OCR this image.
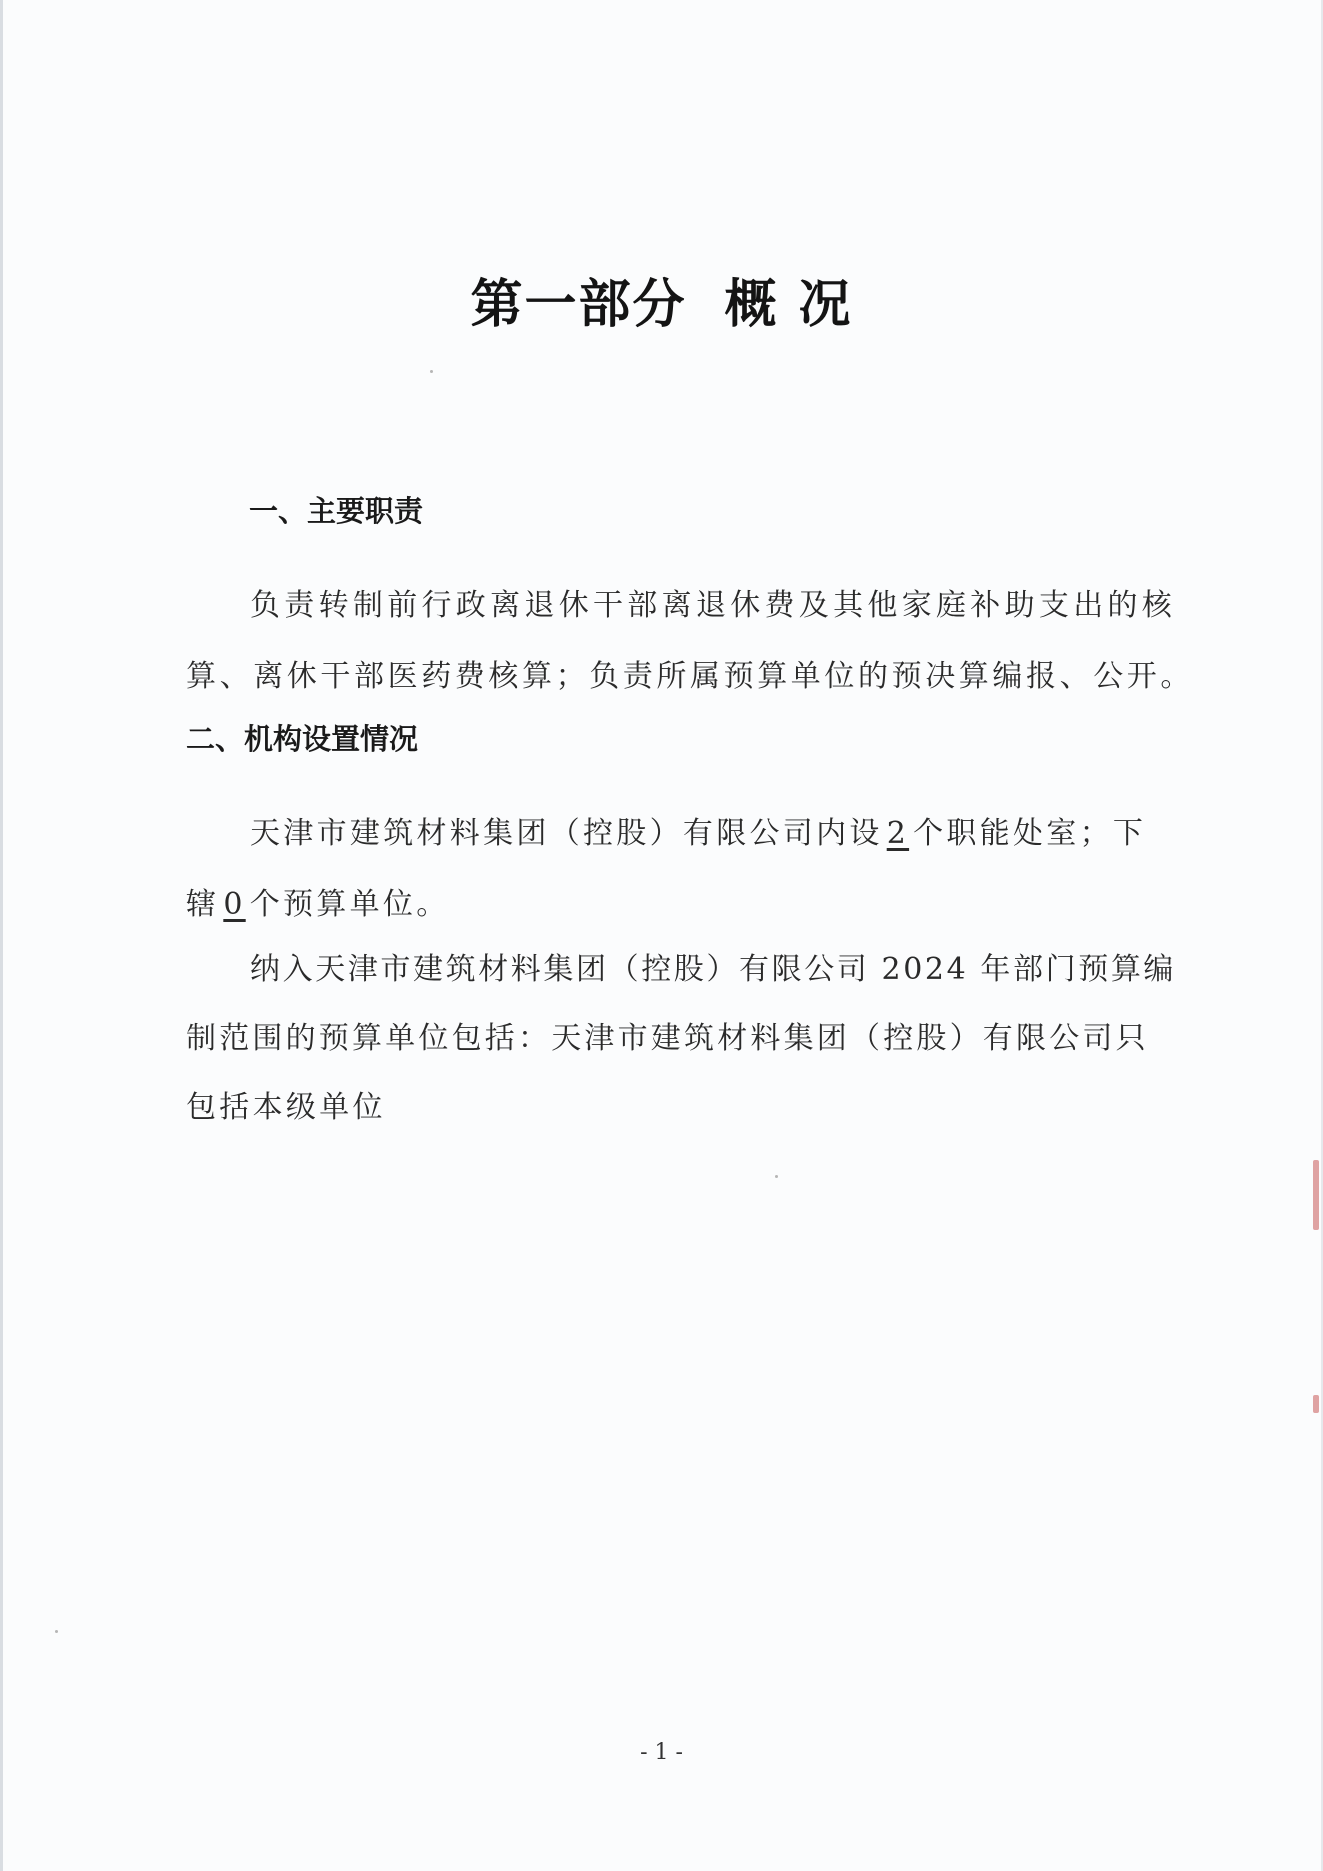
第一部分 概 况
一、主要职责
负责转制前行政离退休干部离退休费及其他家庭补助支出的核
算、离休干部医药费核算；负责所属预算单位的预决算编报、公开。
二、机构设置情况
天津市建筑材料集团（控股）有限公司内设 2 个职能处室；下
辖 0 个预算单位。
纳入天津市建筑材料集团（控股）有限公司 2024 年部门预算编
制范围的预算单位包括：天津市建筑材料集团（控股）有限公司只
包括本级单位
- 1 -
